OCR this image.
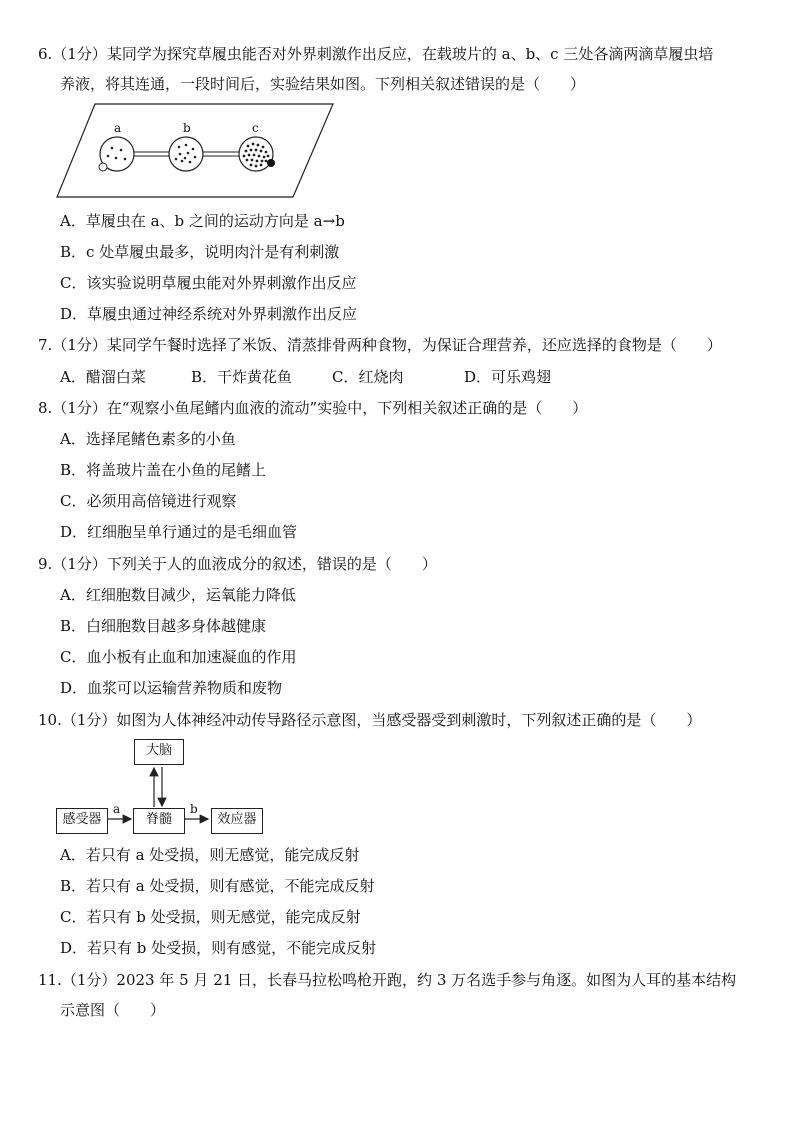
6.（1分）某同学为探究草履虫能否对外界刺激作出反应，在载玻片的 a、b、c 三处各滴两滴草履虫培
养液，将其连通，一段时间后，实验结果如图。下列相关叙述错误的是（　　）
a	b	c
A．草履虫在 a、b 之间的运动方向是 a→b
B．c 处草履虫最多，说明肉汁是有利刺激
C．该实验说明草履虫能对外界刺激作出反应
D．草履虫通过神经系统对外界刺激作出反应
7.（1分）某同学午餐时选择了米饭、清蒸排骨两种食物，为保证合理营养，还应选择的食物是（　　）
A．醋溜白菜	B．干炸黄花鱼	C．红烧肉	D．可乐鸡翅
8.（1分）在“观察小鱼尾鳍内血液的流动”实验中，下列相关叙述正确的是（　　）
A．选择尾鳍色素多的小鱼
B．将盖玻片盖在小鱼的尾鳍上
C．必须用高倍镜进行观察
D．红细胞呈单行通过的是毛细血管
9.（1分）下列关于人的血液成分的叙述，错误的是（　　）
A．红细胞数目减少，运氧能力降低
B．白细胞数目越多身体越健康
C．血小板有止血和加速凝血的作用
D．血浆可以运输营养物质和废物
10.（1分）如图为人体神经冲动传导路径示意图，当感受器受到刺激时，下列叙述正确的是（　　）
大脑
感受器	脊髓	效应器
a	b
A．若只有 a 处受损，则无感觉，能完成反射
B．若只有 a 处受损，则有感觉，不能完成反射
C．若只有 b 处受损，则无感觉，能完成反射
D．若只有 b 处受损，则有感觉，不能完成反射
11.（1分）2023 年 5 月 21 日，长春马拉松鸣枪开跑，约 3 万名选手参与角逐。如图为人耳的基本结构
示意图（　　）
